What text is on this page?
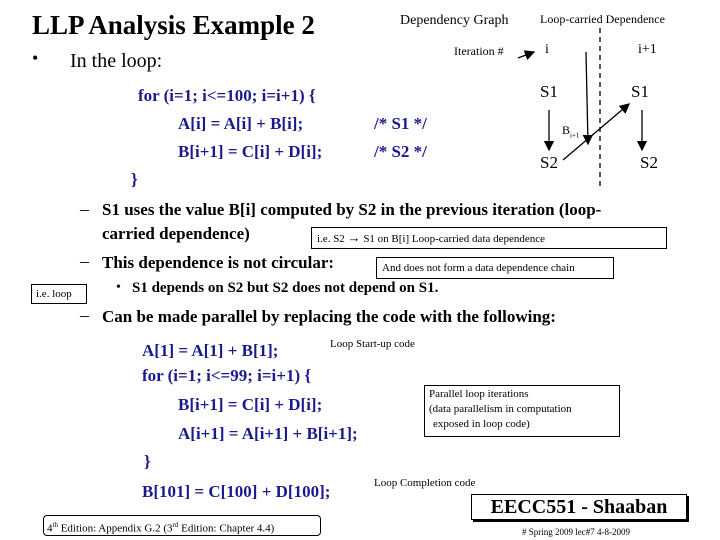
LLP Analysis Example 2	Dependency Graph	Loop-carried Dependence
Iteration #	i	i+1
S1	S1
S2	S2
$B_{i+1}$
• In the loop:
for (i=1; i<=100; i=i+1) {
A[i] = A[i] + B[i];	/* S1 */
B[i+1] = C[i] + D[i];	/* S2 */
}
– S1 uses the value B[i] computed by S2 in the previous iteration (loop-
carried dependence)	i.e. S2 → S1 on B[i] Loop-carried data dependence
– This dependence is not circular:	And does not form a data dependence chain
i.e. loop	• S1 depends on S2 but S2 does not depend on S1.
– Can be made parallel by replacing the code with the following:
A[1] = A[1] + B[1];	Loop Start-up code
for (i=1; i<=99; i=i+1) {
B[i+1] = C[i] + D[i];
A[i+1] = A[i+1] + B[i+1];
}
Parallel loop iterations
(data parallelism in computation
exposed in loop code)
B[101] = C[100] + D[100];	Loop Completion code
4th Edition: Appendix G.2 (3rd Edition: Chapter 4.4)
EECC551 - Shaaban
# Spring 2009 lec#7 4-8-2009
